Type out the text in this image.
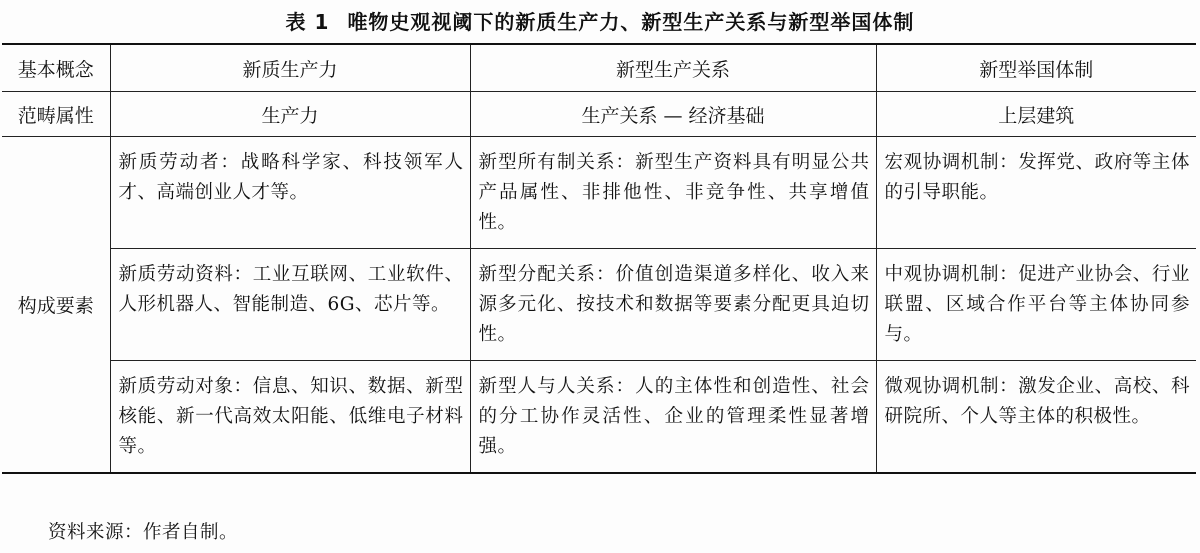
表 1 唯物史观视阈下的新质生产力、新型生产关系与新型举国体制
基本概念	新质生产力	新型生产关系	新型举国体制
范畴属性	生产力	生产关系 — 经济基础	上层建筑
构成要素	新质劳动者：战略科学家、科技领军人才、高端创业人才等。	新型所有制关系：新型生产资料具有明显公共产品属性、非排他性、非竞争性、共享增值性。	宏观协调机制：发挥党、政府等主体的引导职能。
	新质劳动资料：工业互联网、工业软件、人形机器人、智能制造、6G、芯片等。	新型分配关系：价值创造渠道多样化、收入来源多元化、按技术和数据等要素分配更具迫切性。	中观协调机制：促进产业协会、行业联盟、区域合作平台等主体协同参与。
	新质劳动对象：信息、知识、数据、新型核能、新一代高效太阳能、低维电子材料等。	新型人与人关系：人的主体性和创造性、社会的分工协作灵活性、企业的管理柔性显著增强。	微观协调机制：激发企业、高校、科研院所、个人等主体的积极性。
资料来源：作者自制。
